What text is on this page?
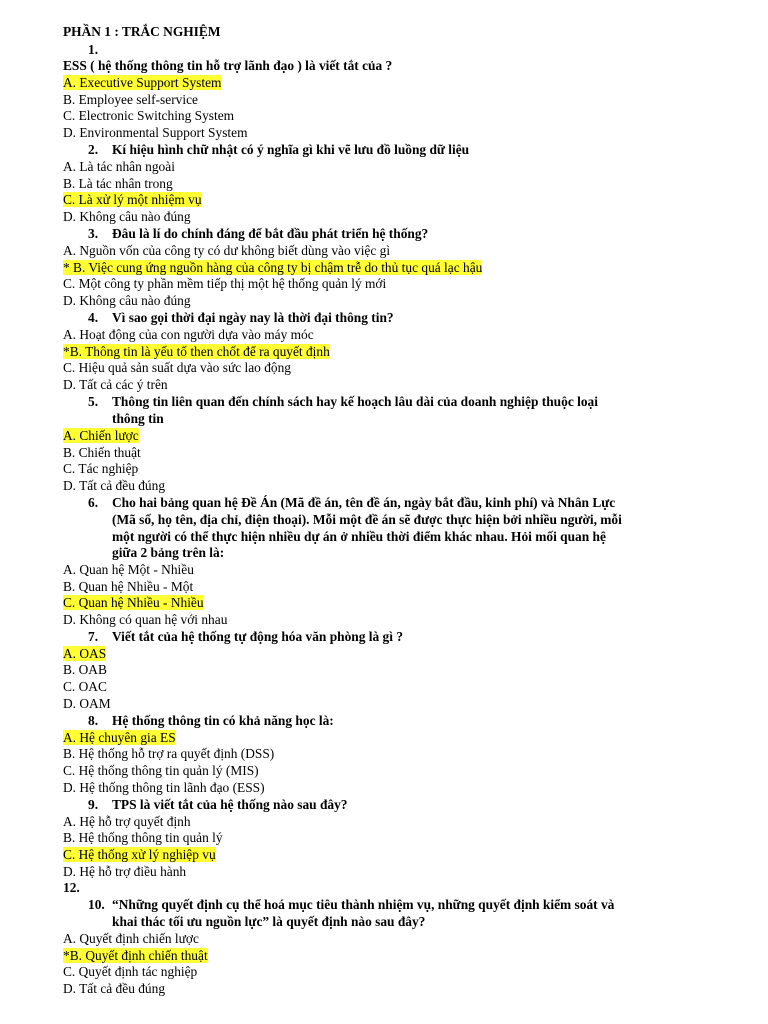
PHẦN 1 : TRẮC NGHIỆM
1.
ESS ( hệ thống thông tin hỗ trợ lãnh đạo ) là viết tắt của ?
A. Executive Support System
B. Employee self-service
C. Electronic Switching System
D. Environmental Support System
2. Kí hiệu hình chữ nhật có ý nghĩa gì khi vẽ lưu đồ luồng dữ liệu
A. Là tác nhân ngoài
B. Là tác nhân trong
C. Là xử lý một nhiệm vụ
D. Không câu nào đúng
3. Đâu là lí do chính đáng để bắt đầu phát triển hệ thống?
A. Nguồn vốn của công ty có dư không biết dùng vào việc gì
* B. Việc cung ứng nguồn hàng của công ty bị chậm trễ do thủ tục quá lạc hậu
C. Một công ty phần mềm tiếp thị một hệ thống quản lý mới
D. Không câu nào đúng
4. Vì sao gọi thời đại ngày nay là thời đại thông tin?
A. Hoạt động của con người dựa vào máy móc
*B. Thông tin là yếu tố then chốt để ra quyết định
C. Hiệu quả sản suất dựa vào sức lao động
D. Tất cả các ý trên
5. Thông tin liên quan đến chính sách hay kế hoạch lâu dài của doanh nghiệp thuộc loại
thông tin
A. Chiến lược
B. Chiến thuật
C. Tác nghiệp
D. Tất cả đều đúng
6. Cho hai bảng quan hệ Đề Án (Mã đề án, tên đề án, ngày bắt đầu, kinh phí) và Nhân Lực
(Mã số, họ tên, địa chỉ, điện thoại). Mỗi một đề án sẽ được thực hiện bởi nhiều người, mỗi
một người có thể thực hiện nhiều dự án ở nhiều thời điểm khác nhau. Hỏi mối quan hệ
giữa 2 bảng trên là:
A. Quan hệ Một - Nhiều
B. Quan hệ Nhiều - Một
C. Quan hệ Nhiều - Nhiều
D. Không có quan hệ với nhau
7. Viết tắt của hệ thống tự động hóa văn phòng là gì ?
A. OAS
B. OAB
C. OAC
D. OAM
8. Hệ thống thông tin có khả năng học là:
A. Hệ chuyên gia ES
B. Hệ thống hỗ trợ ra quyết định (DSS)
C. Hệ thống thông tin quản lý (MIS)
D. Hệ thống thông tin lãnh đạo (ESS)
9. TPS là viết tắt của hệ thống nào sau đây?
A. Hệ hỗ trợ quyết định
B. Hệ thống thông tin quản lý
C. Hệ thống xử lý nghiệp vụ
D. Hệ hỗ trợ điều hành
12.
10. “Những quyết định cụ thể hoá mục tiêu thành nhiệm vụ, những quyết định kiểm soát và
khai thác tối ưu nguồn lực” là quyết định nào sau đây?
A. Quyết định chiến lược
*B. Quyết định chiến thuật
C. Quyết định tác nghiệp
D. Tất cả đều đúng
